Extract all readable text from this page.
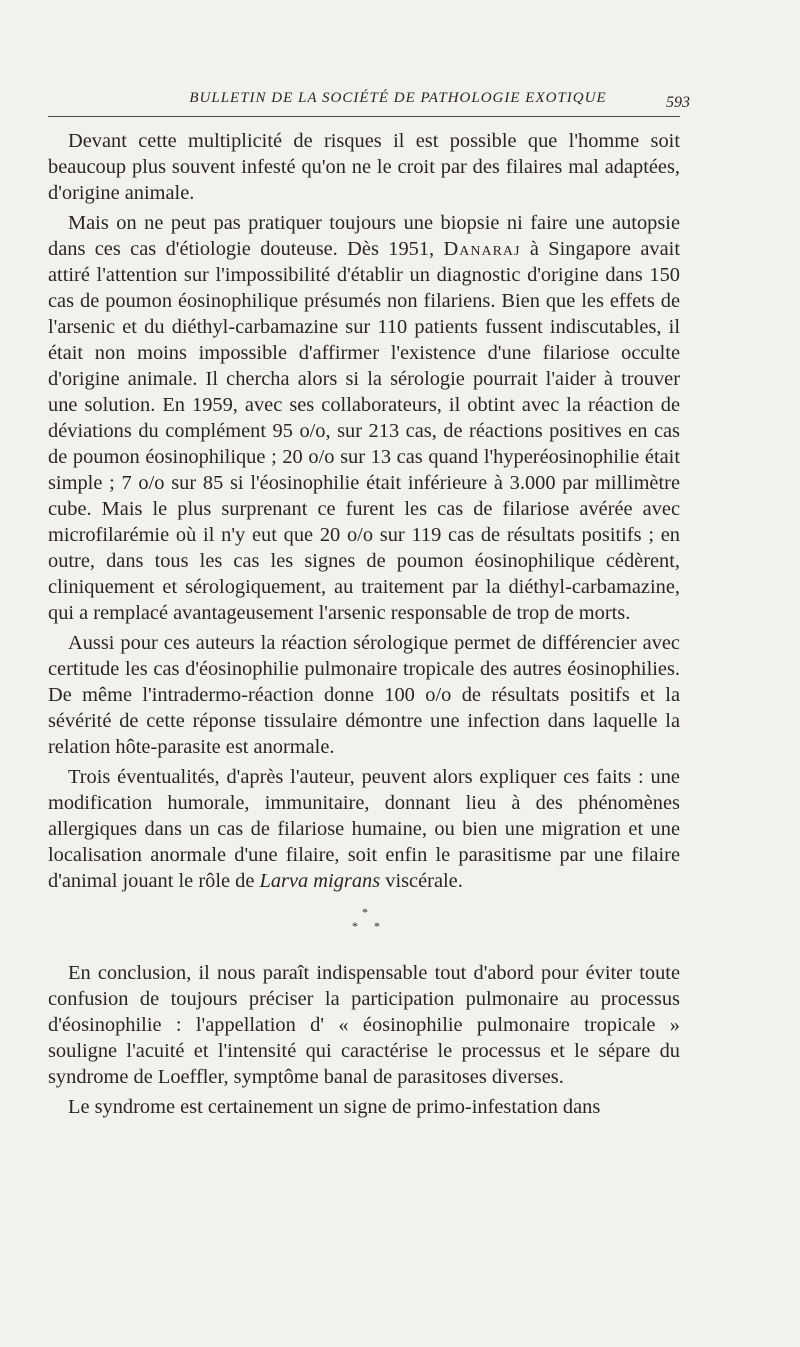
BULLETIN DE LA SOCIÉTÉ DE PATHOLOGIE EXOTIQUE	593

Devant cette multiplicité de risques il est possible que l'homme soit beaucoup plus souvent infesté qu'on ne le croit par des filaires mal adaptées, d'origine animale.

Mais on ne peut pas pratiquer toujours une biopsie ni faire une autopsie dans ces cas d'étiologie douteuse. Dès 1951, Danaraj à Singapore avait attiré l'attention sur l'impossibilité d'établir un diagnostic d'origine dans 150 cas de poumon éosinophilique présumés non filariens. Bien que les effets de l'arsenic et du diéthyl-carbamazine sur 110 patients fussent indiscutables, il était non moins impossible d'affirmer l'existence d'une filariose occulte d'origine animale. Il chercha alors si la sérologie pourrait l'aider à trouver une solution. En 1959, avec ses collaborateurs, il obtint avec la réaction de déviations du complément 95 o/o, sur 213 cas, de réactions positives en cas de poumon éosinophilique ; 20 o/o sur 13 cas quand l'hyperéosinophilie était simple ; 7 o/o sur 85 si l'éosinophilie était inférieure à 3.000 par millimètre cube. Mais le plus surprenant ce furent les cas de filariose avérée avec microfilarémie où il n'y eut que 20 o/o sur 119 cas de résultats positifs ; en outre, dans tous les cas les signes de poumon éosinophilique cédèrent, cliniquement et sérologiquement, au traitement par la diéthyl-carbamazine, qui a remplacé avantageusement l'arsenic responsable de trop de morts.

Aussi pour ces auteurs la réaction sérologique permet de différencier avec certitude les cas d'éosinophilie pulmonaire tropicale des autres éosinophilies. De même l'intradermo-réaction donne 100 o/o de résultats positifs et la sévérité de cette réponse tissulaire démontre une infection dans laquelle la relation hôte-parasite est anormale.

Trois éventualités, d'après l'auteur, peuvent alors expliquer ces faits : une modification humorale, immunitaire, donnant lieu à des phénomènes allergiques dans un cas de filariose humaine, ou bien une migration et une localisation anormale d'une filaire, soit enfin le parasitisme par une filaire d'animal jouant le rôle de Larva migrans viscérale.

*
* *

En conclusion, il nous paraît indispensable tout d'abord pour éviter toute confusion de toujours préciser la participation pulmonaire au processus d'éosinophilie : l'appellation d' « éosinophilie pulmonaire tropicale » souligne l'acuité et l'intensité qui caractérise le processus et le sépare du syndrome de Loeffler, symptôme banal de parasitoses diverses.

Le syndrome est certainement un signe de primo-infestation dans
